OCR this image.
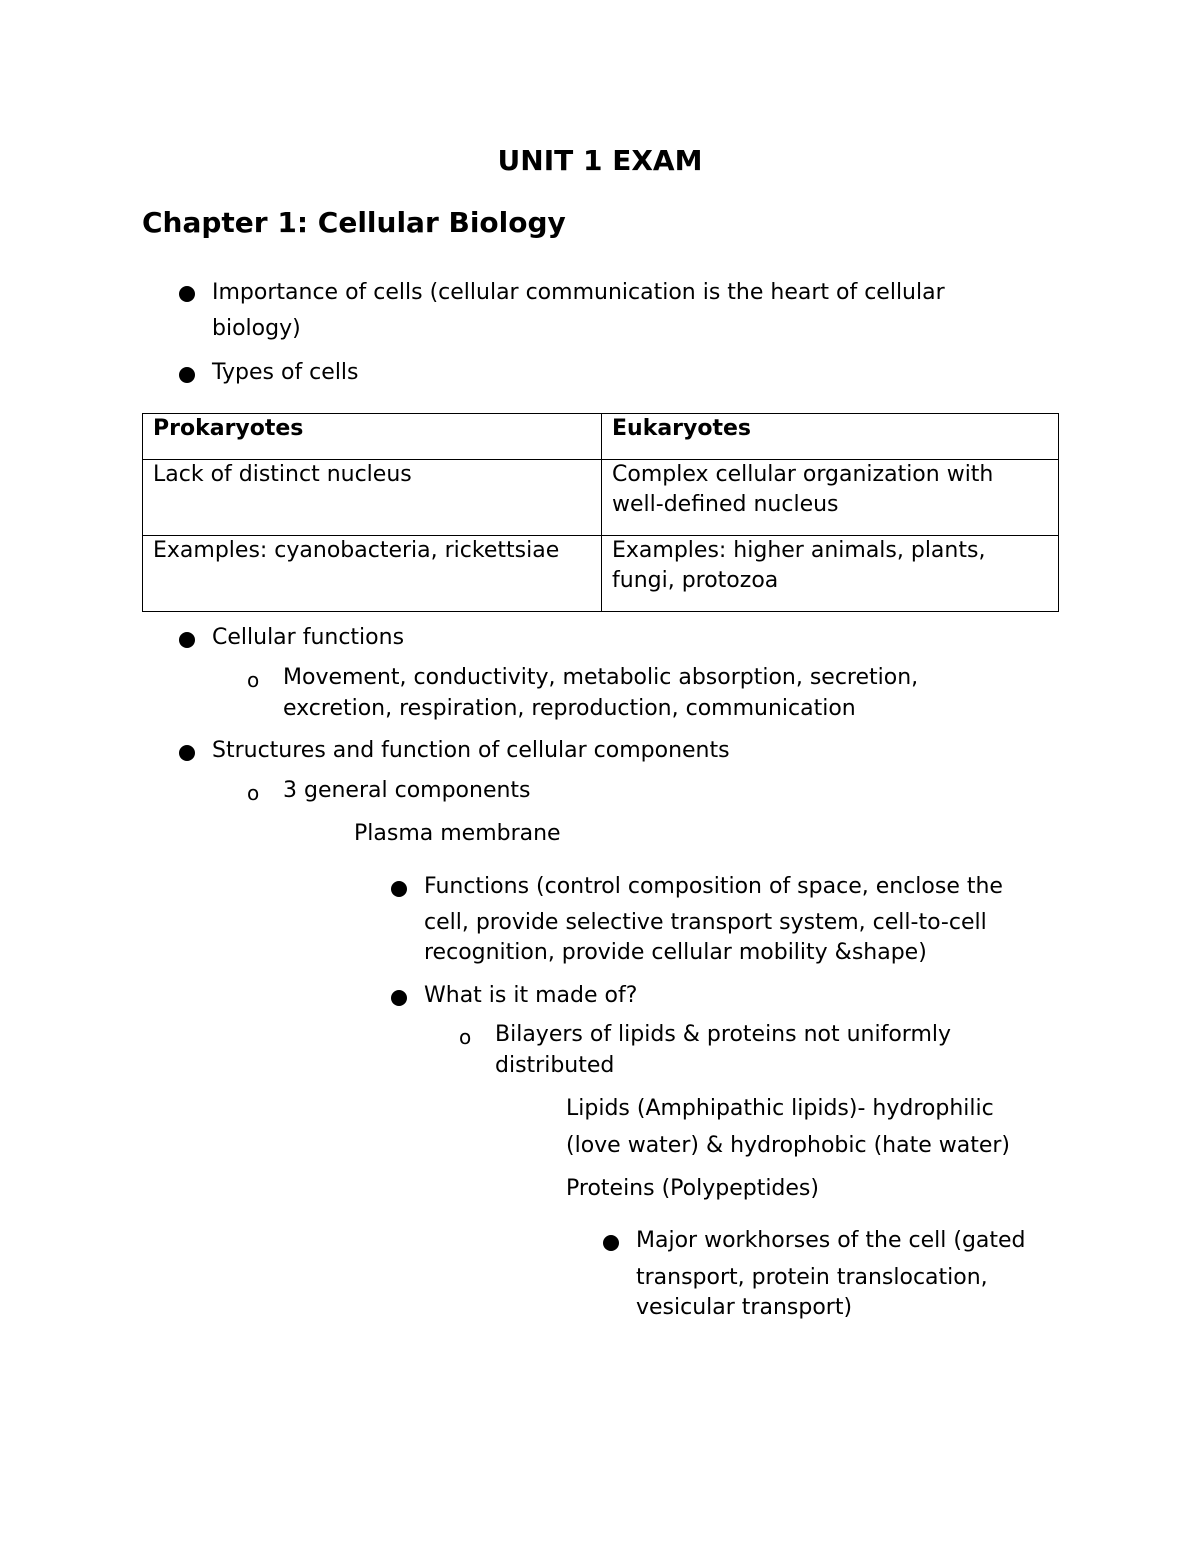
UNIT 1 EXAM
Chapter 1: Cellular Biology
Importance of cells (cellular communication is the heart of cellular
biology)
Types of cells
Prokaryotes	Eukaryotes

Lack of distinct nucleus	Complex cellular organization with
well-defined nucleus

Examples: cyanobacteria, rickettsiae	Examples: higher animals, plants,
fungi, protozoa
Cellular functions
o Movement, conductivity, metabolic absorption, secretion,
excretion, respiration, reproduction, communication
Structures and function of cellular components
o 3 general components
Plasma membrane
Functions (control composition of space, enclose the
cell, provide selective transport system, cell-to-cell
recognition, provide cellular mobility &shape)
What is it made of?
o Bilayers of lipids & proteins not uniformly
distributed
Lipids (Amphipathic lipids)- hydrophilic
(love water) & hydrophobic (hate water)
Proteins (Polypeptides)
Major workhorses of the cell (gated
transport, protein translocation,
vesicular transport)
